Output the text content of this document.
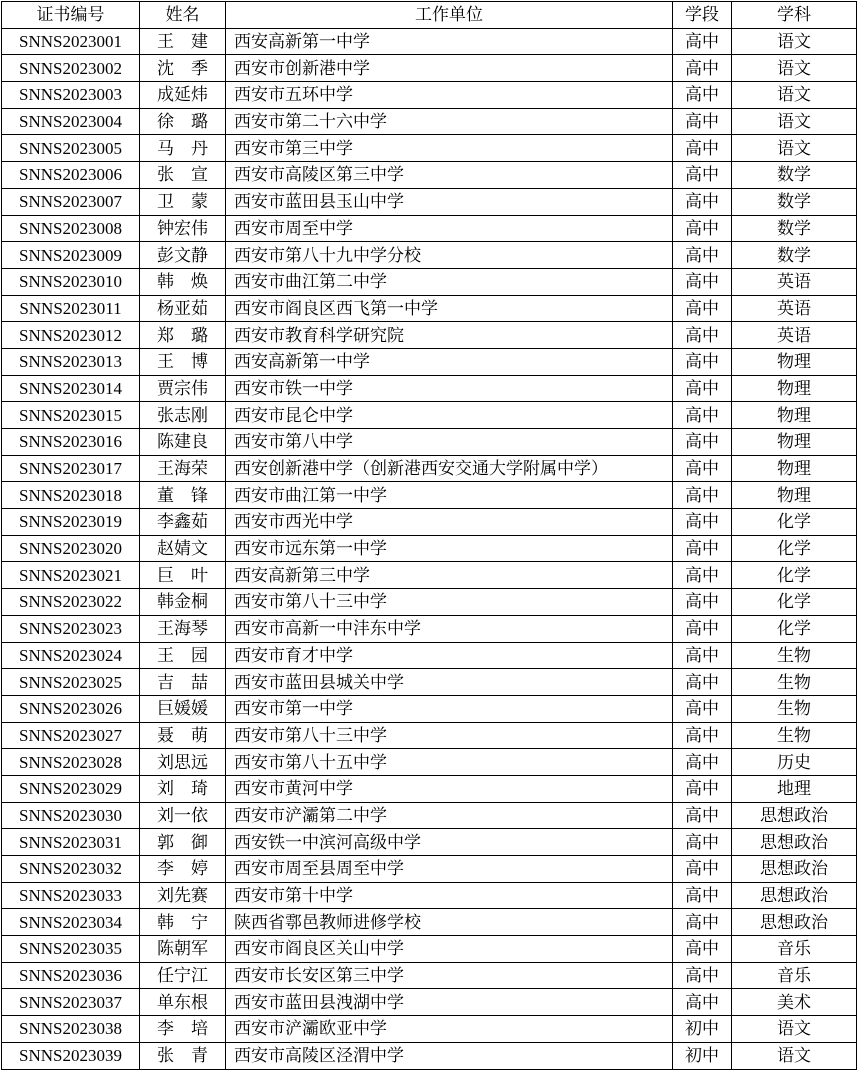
证书编号	姓名	工作单位	学段	学科
SNNS2023001	王　建	西安高新第一中学	高中	语文
SNNS2023002	沈　季	西安市创新港中学	高中	语文
SNNS2023003	成延炜	西安市五环中学	高中	语文
SNNS2023004	徐　璐	西安市第二十六中学	高中	语文
SNNS2023005	马　丹	西安市第三中学	高中	语文
SNNS2023006	张　宣	西安市高陵区第三中学	高中	数学
SNNS2023007	卫　蒙	西安市蓝田县玉山中学	高中	数学
SNNS2023008	钟宏伟	西安市周至中学	高中	数学
SNNS2023009	彭文静	西安市第八十九中学分校	高中	数学
SNNS2023010	韩　焕	西安市曲江第二中学	高中	英语
SNNS2023011	杨亚茹	西安市阎良区西飞第一中学	高中	英语
SNNS2023012	郑　璐	西安市教育科学研究院	高中	英语
SNNS2023013	王　博	西安高新第一中学	高中	物理
SNNS2023014	贾宗伟	西安市铁一中学	高中	物理
SNNS2023015	张志刚	西安市昆仑中学	高中	物理
SNNS2023016	陈建良	西安市第八中学	高中	物理
SNNS2023017	王海荣	西安创新港中学（创新港西安交通大学附属中学）	高中	物理
SNNS2023018	董　锋	西安市曲江第一中学	高中	物理
SNNS2023019	李鑫茹	西安市西光中学	高中	化学
SNNS2023020	赵婧文	西安市远东第一中学	高中	化学
SNNS2023021	巨　叶	西安高新第三中学	高中	化学
SNNS2023022	韩金桐	西安市第八十三中学	高中	化学
SNNS2023023	王海琴	西安市高新一中沣东中学	高中	化学
SNNS2023024	王　园	西安市育才中学	高中	生物
SNNS2023025	吉　喆	西安市蓝田县城关中学	高中	生物
SNNS2023026	巨媛媛	西安市第一中学	高中	生物
SNNS2023027	聂　萌	西安市第八十三中学	高中	生物
SNNS2023028	刘思远	西安市第八十五中学	高中	历史
SNNS2023029	刘　琦	西安市黄河中学	高中	地理
SNNS2023030	刘一依	西安市浐灞第二中学	高中	思想政治
SNNS2023031	郭　御	西安铁一中滨河高级中学	高中	思想政治
SNNS2023032	李　婷	西安市周至县周至中学	高中	思想政治
SNNS2023033	刘先赛	西安市第十中学	高中	思想政治
SNNS2023034	韩　宁	陕西省鄠邑教师进修学校	高中	思想政治
SNNS2023035	陈朝军	西安市阎良区关山中学	高中	音乐
SNNS2023036	任宁江	西安市长安区第三中学	高中	音乐
SNNS2023037	单东根	西安市蓝田县洩湖中学	高中	美术
SNNS2023038	李　培	西安市浐灞欧亚中学	初中	语文
SNNS2023039	张　青	西安市高陵区泾渭中学	初中	语文
